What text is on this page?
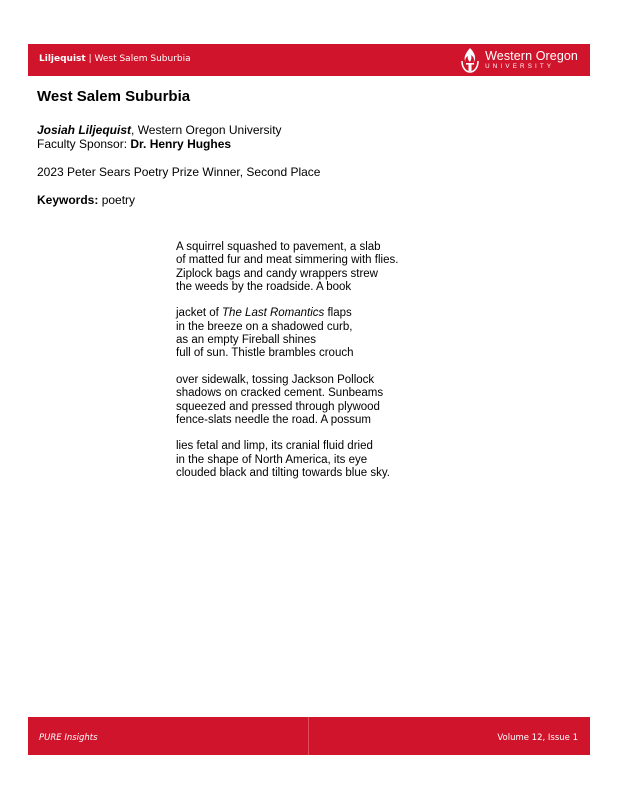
Liljequist | West Salem Suburbia	Western Oregon
UNIVERSITY
West Salem Suburbia
Josiah Liljequist, Western Oregon University
Faculty Sponsor: Dr. Henry Hughes
2023 Peter Sears Poetry Prize Winner, Second Place
Keywords: poetry
A squirrel squashed to pavement, a slab
of matted fur and meat simmering with flies.
Ziplock bags and candy wrappers strew
the weeds by the roadside. A book
jacket of The Last Romantics flaps
in the breeze on a shadowed curb,
as an empty Fireball shines
full of sun. Thistle brambles crouch
over sidewalk, tossing Jackson Pollock
shadows on cracked cement. Sunbeams
squeezed and pressed through plywood
fence-slats needle the road. A possum
lies fetal and limp, its cranial fluid dried
in the shape of North America, its eye
clouded black and tilting towards blue sky.
PURE Insights	Volume 12, Issue 1
